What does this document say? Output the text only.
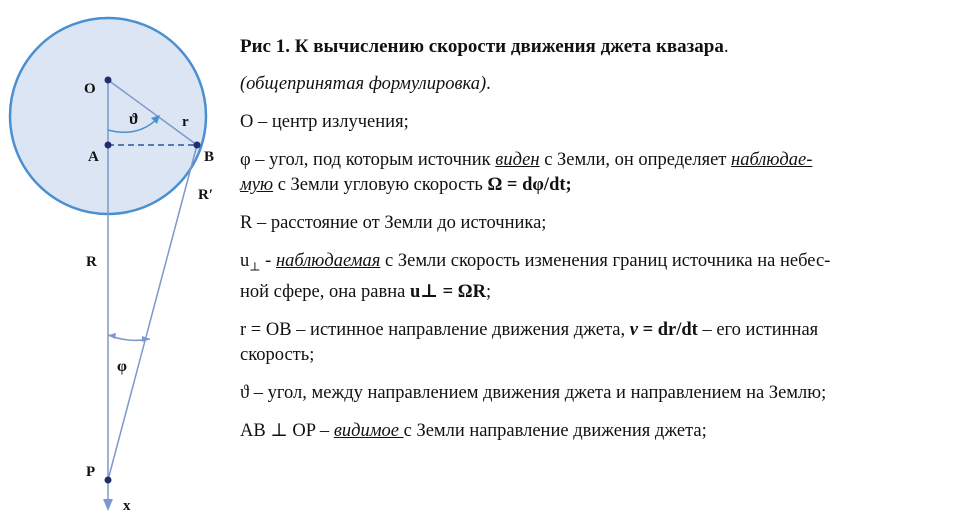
O
A	B
r
ϑ
R′
R
φ
P
x
Рис 1. К вычислению скорости движения джета квазара.
(общепринятая формулировка).
О – центр излучения;
φ – угол, под которым источник виден с Земли, он определяет наблюдае-
мую с Земли угловую скорость Ω = dφ/dt;
R – расстояние от Земли до источника;
$u_\perp$ - наблюдаемая с Земли скорость изменения границ источника на небес-
ной сфере, она равна u⊥ = ΩR;
r = OB – истинное направление движения джета, v = dr/dt – его истинная
скорость;
ϑ – угол, между направлением движения джета и направлением на Землю;
AB ⊥ OP – видимое с Земли направление движения джета;
